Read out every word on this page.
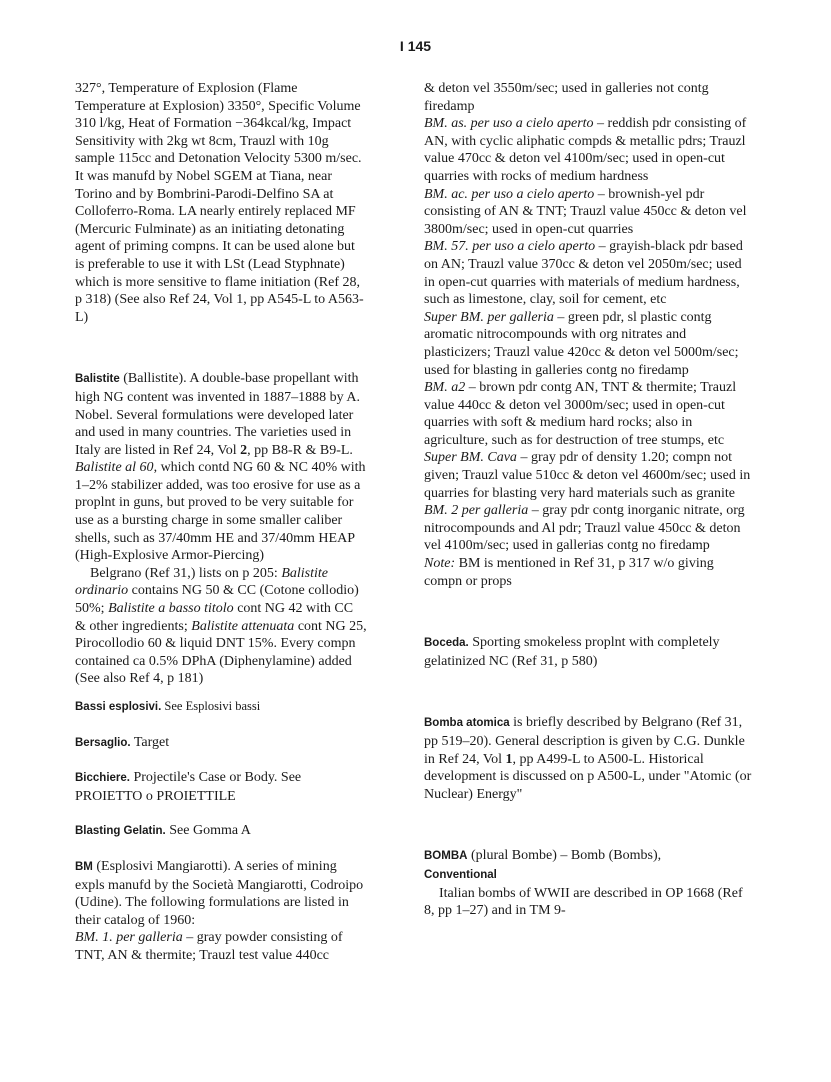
I 145

327°, Temperature of Explosion (Flame Temperature at Explosion) 3350°, Specific Volume 310 l/kg, Heat of Formation −364kcal/kg, Impact Sensitivity with 2kg wt 8cm, Trauzl with 10g sample 115cc and Detonation Velocity 5300 m/sec. It was manufd by Nobel SGEM at Tiana, near Torino and by Bombrini-Parodi-Delfino SA at Colloferro-Roma. LA nearly entirely replaced MF (Mercuric Fulminate) as an initiating detonating agent of priming compns. It can be used alone but is preferable to use it with LSt (Lead Styphnate) which is more sensitive to flame initiation (Ref 28, p 318) (See also Ref 24, Vol 1, pp A545-L to A563-L)

Balistite (Ballistite). A double-base propellant with high NG content was invented in 1887–1888 by A. Nobel. Several formulations were developed later and used in many countries. The varieties used in Italy are listed in Ref 24, Vol 2, pp B8-R & B9-L. Balistite al 60, which contd NG 60 & NC 40% with 1–2% stabilizer added, was too erosive for use as a proplnt in guns, but proved to be very suitable for use as a bursting charge in some smaller caliber shells, such as 37/40mm HE and 37/40mm HEAP (High-Explosive Armor-Piercing)

Belgrano (Ref 31,) lists on p 205: Balistite ordinario contains NG 50 & CC (Cotone collodio) 50%; Balistite a basso titolo cont NG 42 with CC & other ingredients; Balistite attenuata cont NG 25, Pirocollodio 60 & liquid DNT 15%. Every compn contained ca 0.5% DPhA (Diphenylamine) added (See also Ref 4, p 181)

Bassi esplosivi. See Esplosivi bassi

Bersaglio. Target

Bicchiere. Projectile's Case or Body. See PROIETTO o PROIETTILE

Blasting Gelatin. See Gomma A

BM (Esplosivi Mangiarotti). A series of mining expls manufd by the Società Mangiarotti, Codroipo (Udine). The following formulations are listed in their catalog of 1960:

BM. 1. per galleria – gray powder consisting of TNT, AN & thermite; Trauzl test value 440cc

& deton vel 3550m/sec; used in galleries not contg firedamp

BM. as. per uso a cielo aperto – reddish pdr consisting of AN, with cyclic aliphatic compds & metallic pdrs; Trauzl value 470cc & deton vel 4100m/sec; used in open-cut quarries with rocks of medium hardness

BM. ac. per uso a cielo aperto – brownish-yel pdr consisting of AN & TNT; Trauzl value 450cc & deton vel 3800m/sec; used in open-cut quarries

BM. 57. per uso a cielo aperto – grayish-black pdr based on AN; Trauzl value 370cc & deton vel 2050m/sec; used in open-cut quarries with materials of medium hardness, such as limestone, clay, soil for cement, etc

Super BM. per galleria – green pdr, sl plastic contg aromatic nitrocompounds with org nitrates and plasticizers; Trauzl value 420cc & deton vel 5000m/sec; used for blasting in galleries contg no firedamp

BM. a2 – brown pdr contg AN, TNT & thermite; Trauzl value 440cc & deton vel 3000m/sec; used in open-cut quarries with soft & medium hard rocks; also in agriculture, such as for destruction of tree stumps, etc

Super BM. Cava – gray pdr of density 1.20; compn not given; Trauzl value 510cc & deton vel 4600m/sec; used in quarries for blasting very hard materials such as granite

BM. 2 per galleria – gray pdr contg inorganic nitrate, org nitrocompounds and Al pdr; Trauzl value 450cc & deton vel 4100m/sec; used in gallerias contg no firedamp

Note: BM is mentioned in Ref 31, p 317 w/o giving compn or props

Boceda. Sporting smokeless proplnt with completely gelatinized NC (Ref 31, p 580)

Bomba atomica is briefly described by Belgrano (Ref 31, pp 519–20). General description is given by C.G. Dunkle in Ref 24, Vol 1, pp A499-L to A500-L. Historical development is discussed on p A500-L, under "Atomic (or Nuclear) Energy"

BOMBA (plural Bombe) – Bomb (Bombs),
Conventional

Italian bombs of WWII are described in OP 1668 (Ref 8, pp 1–27) and in TM 9-
